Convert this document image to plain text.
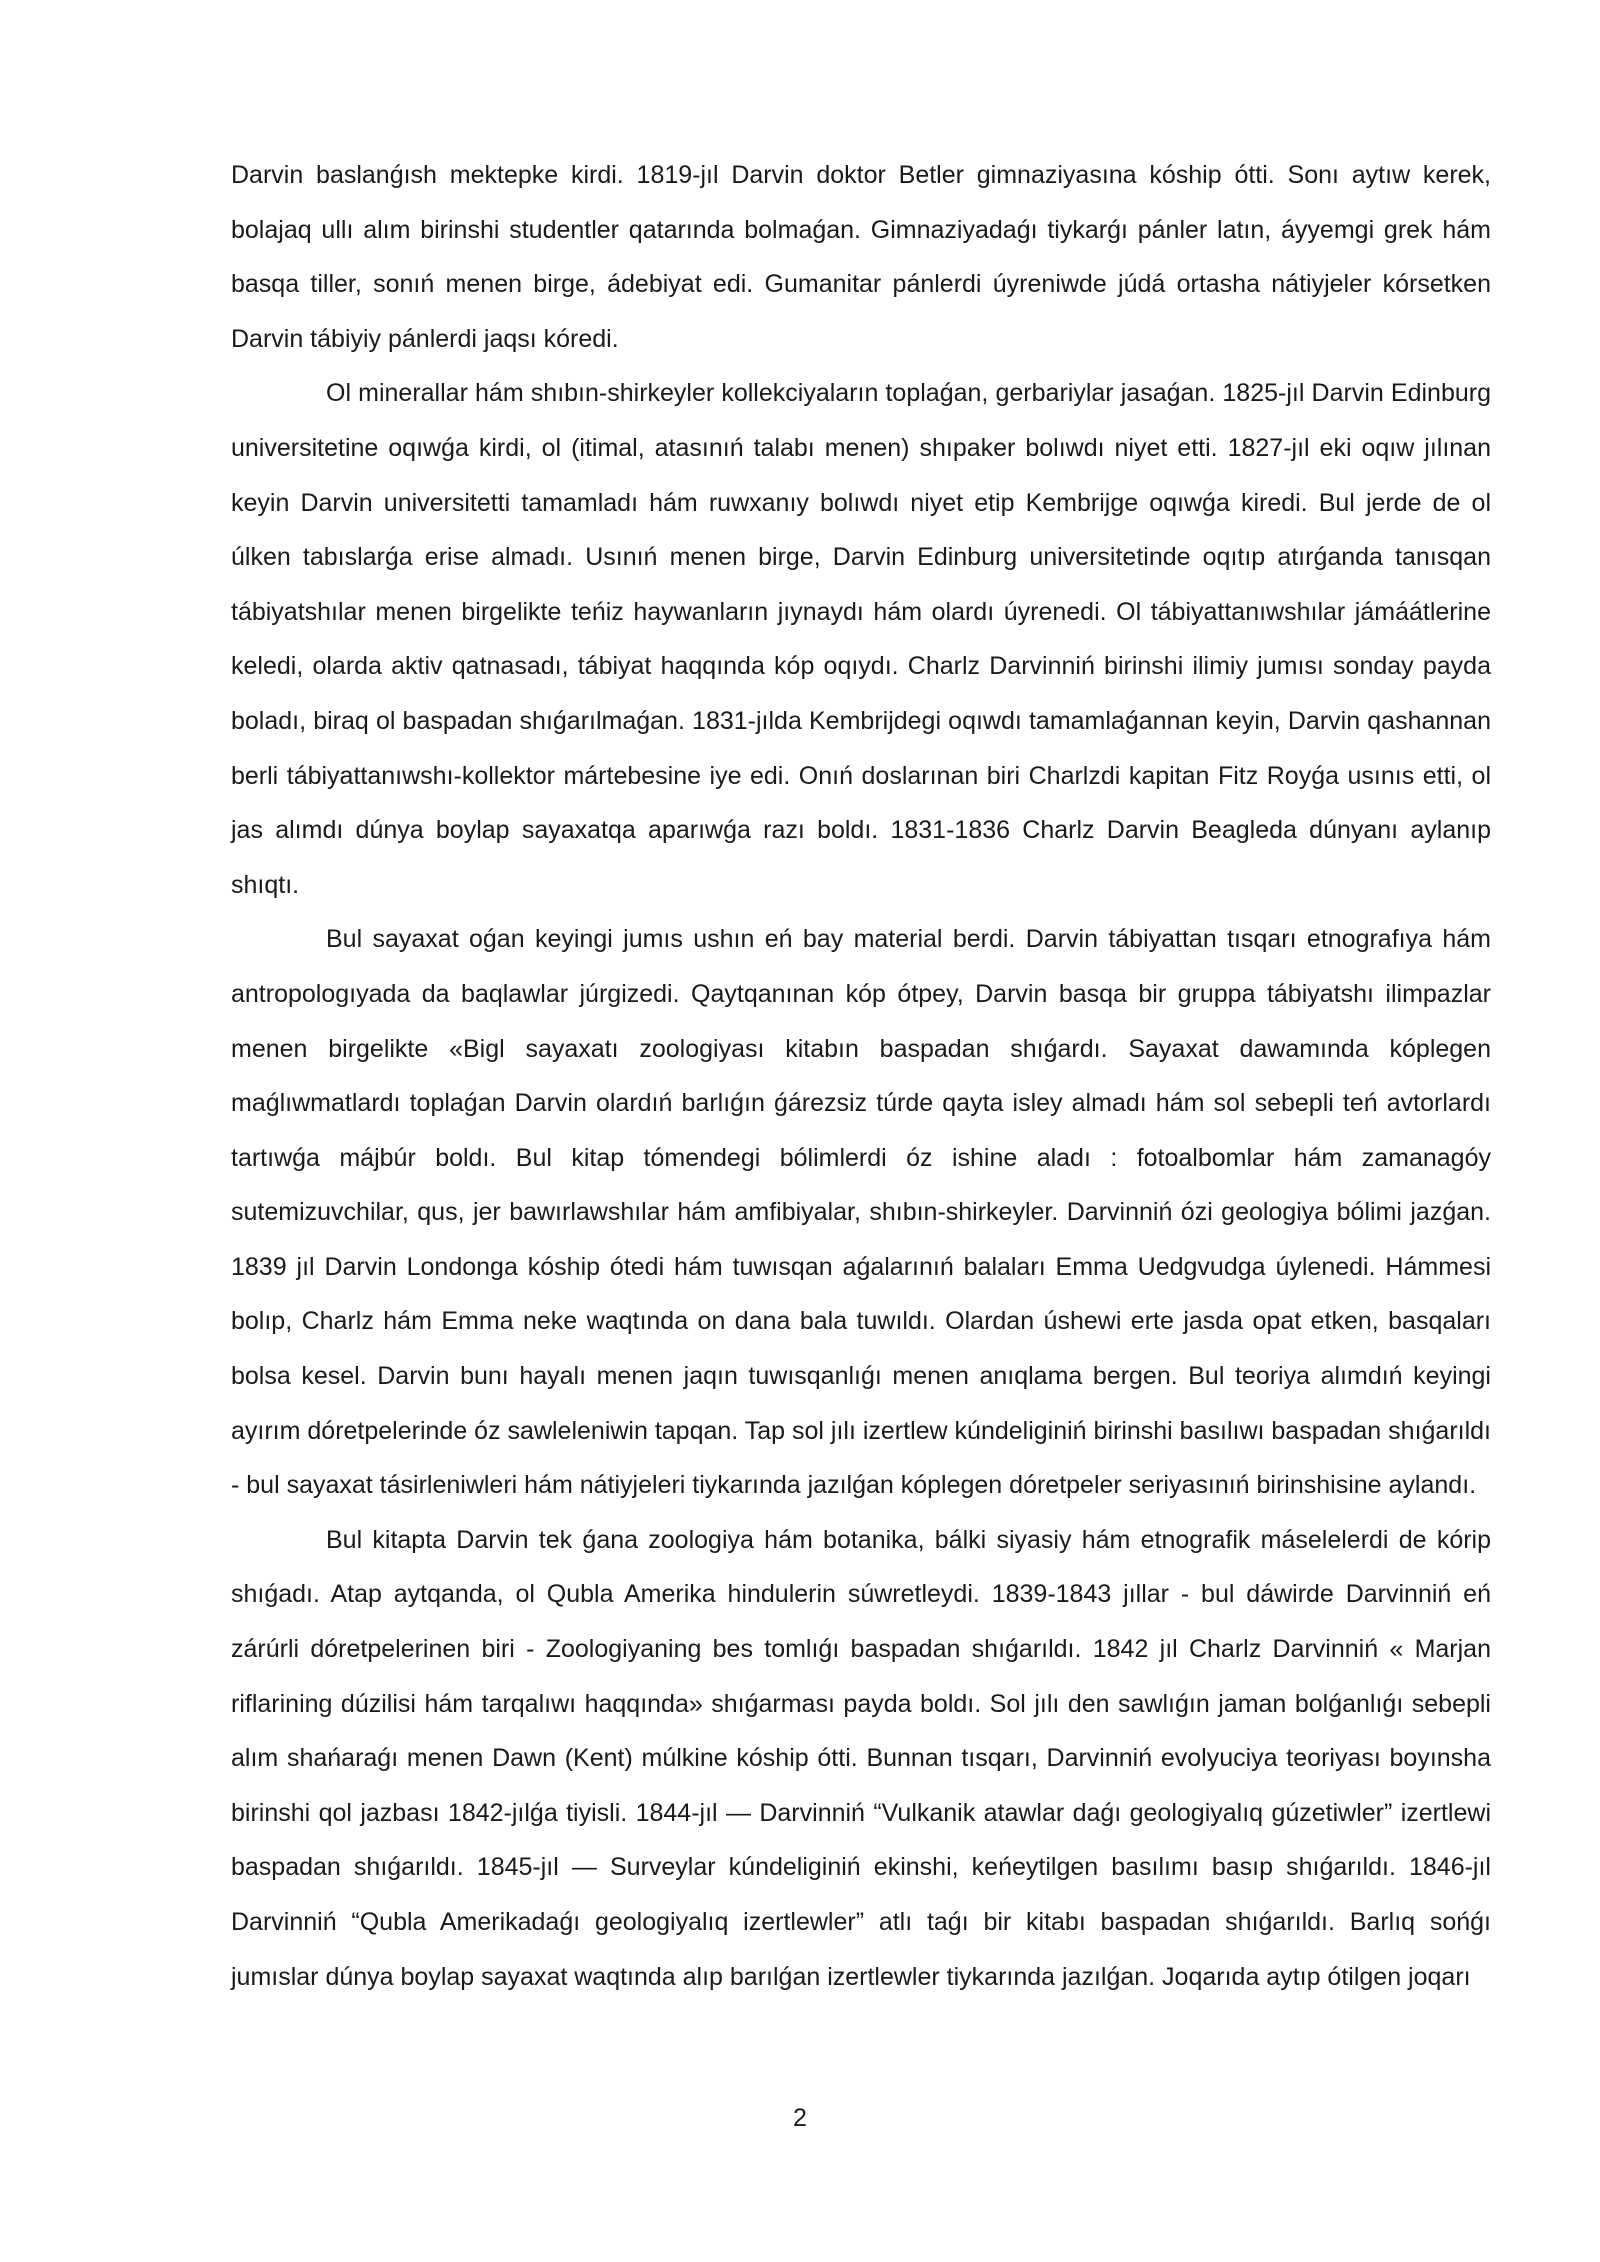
Darvin baslanǵısh mektepke kirdi. 1819-jıl Darvin doktor Betler gimnaziyasına kóship ótti. Sonı aytıw kerek, bolajaq ullı alım birinshi studentler qatarında bolmaǵan. Gimnaziyadaǵı tiykarǵı pánler latın, áyyemgi grek hám basqa tiller, sonıń menen birge, ádebiyat edi. Gumanitar pánlerdi úyreniwde júdá ortasha nátiyjeler kórsetken Darvin tábiyiy pánlerdi jaqsı kóredi.

Ol minerallar hám shıbın-shirkeyler kollekciyaların toplaǵan, gerbariylar jasaǵan. 1825-jıl Darvin Edinburg universitetine oqıwǵa kirdi, ol (itimal, atasınıń talabı menen) shıpaker bolıwdı niyet etti. 1827-jıl eki oqıw jılınan keyin Darvin universitetti tamamladı hám ruwxanıy bolıwdı niyet etip Kembrijge oqıwǵa kiredi. Bul jerde de ol úlken tabıslarǵa erise almadı. Usınıń menen birge, Darvin Edinburg universitetinde oqıtıp atırǵanda tanısqan tábiyatshılar menen birgelikte teńiz haywanların jıynaydı hám olardı úyrenedi. Ol tábiyattanıwshılar jámáátlerine keledi, olarda aktiv qatnasadı, tábiyat haqqında kóp oqıydı. Charlz Darvinniń birinshi ilimiy jumısı sonday payda boladı, biraq ol baspadan shıǵarılmaǵan. 1831-jılda Kembrijdegi oqıwdı tamamlaǵannan keyin, Darvin qashannan berli tábiyattanıwshı-kollektor mártebesine iye edi. Onıń doslarınan biri Charlzdi kapitan Fitz Royǵa usınıs etti, ol jas alımdı dúnya boylap sayaxatqa aparıwǵa razı boldı. 1831-1836 Charlz Darvin Beagleda dúnyanı aylanıp shıqtı.

Bul sayaxat oǵan keyingi jumıs ushın eń bay material berdi. Darvin tábiyattan tısqarı etnografıya hám antropologıyada da baqlawlar júrgizedi. Qaytqanınan kóp ótpey, Darvin basqa bir gruppa tábiyatshı ilimpazlar menen birgelikte «Bigl sayaxatı zoologiyası kitabın baspadan shıǵardı. Sayaxat dawamında kóplegen maǵlıwmatlardı toplaǵan Darvin olardıń barlıǵın ǵárezsiz túrde qayta isley almadı hám sol sebepli teń avtorlardı tartıwǵa májbúr boldı. Bul kitap tómendegi bólimlerdi óz ishine aladı : fotoalbomlar hám zamanagóy sutemizuvchilar, qus, jer bawırlawshılar hám amfibiyalar, shıbın-shirkeyler. Darvinniń ózi geologiya bólimi jazǵan. 1839 jıl Darvin Londonga kóship ótedi hám tuwısqan aǵalarınıń balaları Emma Uedgvudga úylenedi. Hámmesi bolıp, Charlz hám Emma neke waqtında on dana bala tuwıldı. Olardan úshewi erte jasda opat etken, basqaları bolsa kesel. Darvin bunı hayalı menen jaqın tuwısqanlıǵı menen anıqlama bergen. Bul teoriya alımdıń keyingi ayırım dóretpelerinde óz sawleleniwin tapqan. Tap sol jılı izertlew kúndeliginiń birinshi basılıwı baspadan shıǵarıldı - bul sayaxat tásirleniwleri hám nátiyjeleri tiykarında jazılǵan kóplegen dóretpeler seriyasınıń birinshisine aylandı.

Bul kitapta Darvin tek ǵana zoologiya hám botanika, bálki siyasiy hám etnografik máselelerdi de kórip shıǵadı. Atap aytqanda, ol Qubla Amerika hindulerin súwretleydi. 1839-1843 jıllar - bul dáwirde Darvinniń eń zárúrli dóretpelerinen biri - Zoologiyaning bes tomlıǵı baspadan shıǵarıldı. 1842 jıl Charlz Darvinniń « Marjan riflarining dúzilisi hám tarqalıwı haqqında» shıǵarması payda boldı. Sol jılı den sawlıǵın jaman bolǵanlıǵı sebepli alım shańaraǵı menen Dawn (Kent) múlkine kóship ótti. Bunnan tısqarı, Darvinniń evolyuciya teoriyası boyınsha birinshi qol jazbası 1842-jılǵa tiyisli. 1844-jıl — Darvinniń “Vulkanik atawlar daǵı geologiyalıq gúzetiwler” izertlewi baspadan shıǵarıldı. 1845-jıl — Surveylar kúndeliginiń ekinshi, keńeytilgen basılımı basıp shıǵarıldı. 1846-jıl Darvinniń “Qubla Amerikadaǵı geologiyalıq izertlewler” atlı taǵı bir kitabı baspadan shıǵarıldı. Barlıq sońǵı jumıslar dúnya boylap sayaxat waqtında alıp barılǵan izertlewler tiykarında jazılǵan. Joqarıda aytıp ótilgen joqarı

2
